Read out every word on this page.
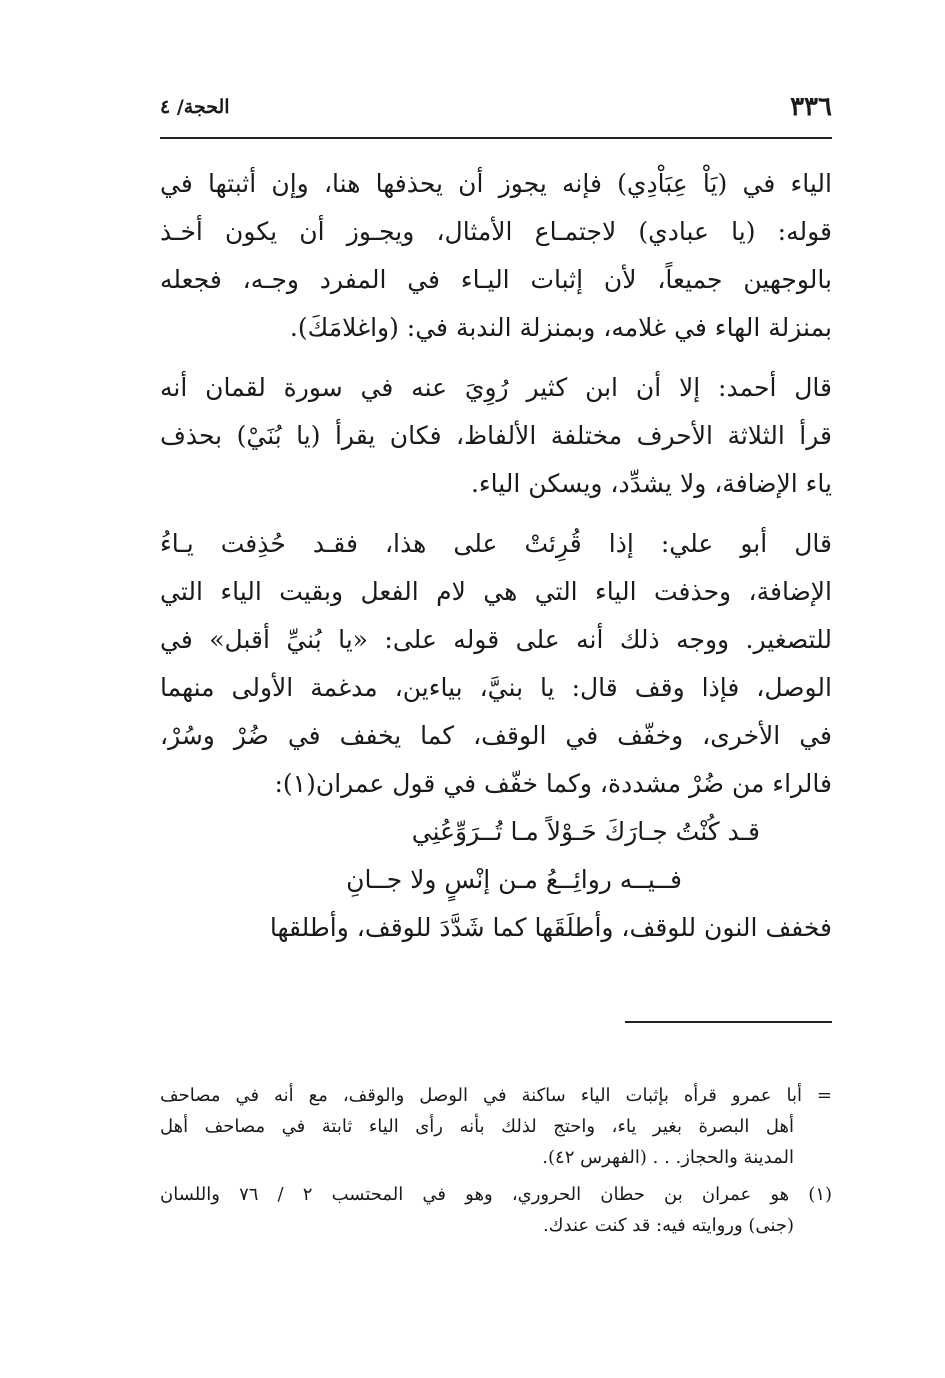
٣٣٦
الحجة/ ٤
الياء في (يَاْ عِبَاْدِي) فإنه يجوز أن يحذفها هنا، وإن أثبتها في
قوله: (يا عبادي) لاجتمـاع الأمثال، ويجـوز أن يكون أخـذ
بالوجهين جميعاً، لأن إثبات اليـاء في المفرد وجـه، فجعله
بمنزلة الهاء في غلامه، وبمنزلة الندبة في: (واغلامَكَ).
قال أحمد: إلا أن ابن كثير رُوِيَ عنه في سورة لقمان أنه
قرأ الثلاثة الأحرف مختلفة الألفاظ، فكان يقرأ (يا بُنَيْ) بحذف
ياء الإضافة، ولا يشدِّد، ويسكن الياء.
قال أبو علي: إذا قُرِئتْ على هذا، فقـد حُذِفت يـاءُ
الإضافة، وحذفت الياء التي هي لام الفعل وبقيت الياء التي
للتصغير. ووجه ذلك أنه على قوله على: «يا بُنيِّ أقبل» في
الوصل، فإذا وقف قال: يا بنيَّ، بياءين، مدغمة الأولى منهما
في الأخرى، وخفّف في الوقف، كما يخفف في ضُرْ وسُرْ،
فالراء من ضُرْ مشددة، وكما خفّف في قول عمران(١):
قـد كُنْتُ جـارَكَ حَـوْلاً مـا تُــرَوِّعُنِي
فــيــه روائِــعُ مـن إنْسٍ ولا جــانِ
فخفف النون للوقف، وأطلَقَها كما شَدَّدَ للوقف، وأطلقها
=أبا عمرو قرأه بإثبات الياء ساكنة في الوصل والوقف، مع أنه في مصاحف
أهل البصرة بغير ياء، واحتج لذلك بأنه رأى الياء ثابتة في مصاحف أهل
المدينة والحجاز. . . (الفهرس ٤٢).
(١) هو عمران بن حطان الحروري، وهو في المحتسب ٢ / ٧٦ واللسان
(جنى) وروايته فيه: قد كنت عندك.
